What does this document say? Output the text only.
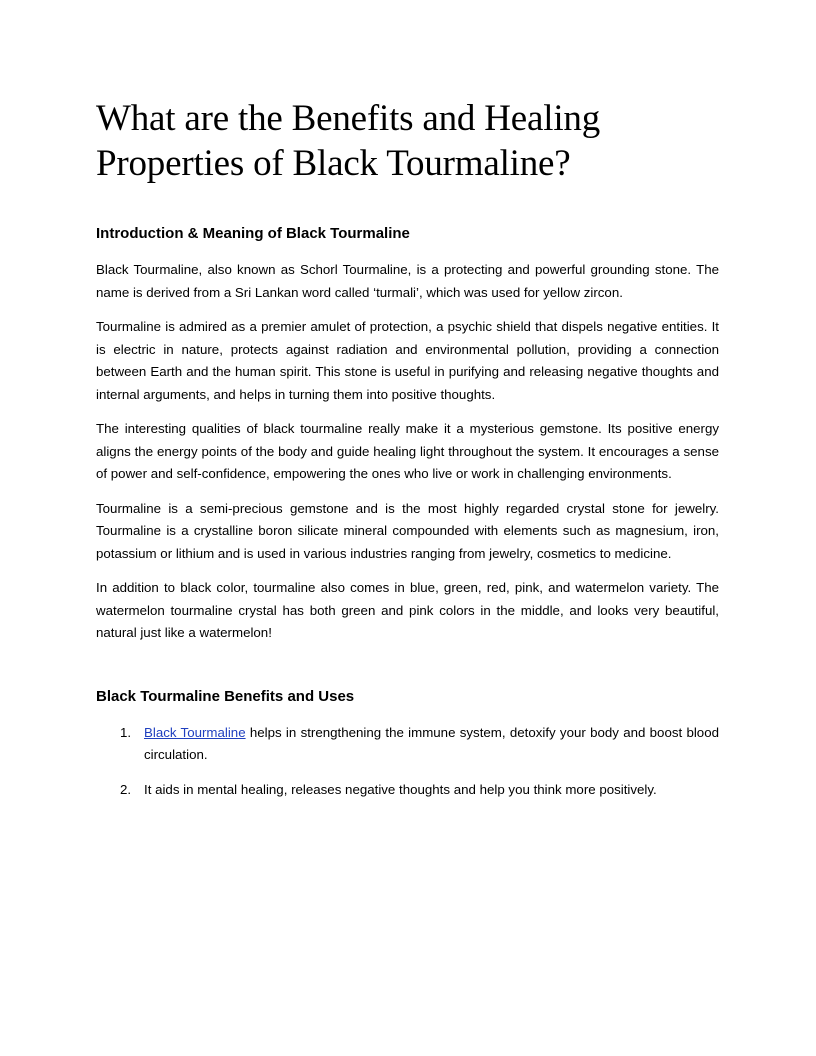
What are the Benefits and Healing Properties of Black Tourmaline?
Introduction & Meaning of Black Tourmaline

Black Tourmaline, also known as Schorl Tourmaline, is a protecting and powerful grounding stone. The name is derived from a Sri Lankan word called ‘turmali’, which was used for yellow zircon.

Tourmaline is admired as a premier amulet of protection, a psychic shield that dispels negative entities. It is electric in nature, protects against radiation and environmental pollution, providing a connection between Earth and the human spirit. This stone is useful in purifying and releasing negative thoughts and internal arguments, and helps in turning them into positive thoughts.

The interesting qualities of black tourmaline really make it a mysterious gemstone. Its positive energy aligns the energy points of the body and guide healing light throughout the system. It encourages a sense of power and self-confidence, empowering the ones who live or work in challenging environments.

Tourmaline is a semi-precious gemstone and is the most highly regarded crystal stone for jewelry. Tourmaline is a crystalline boron silicate mineral compounded with elements such as magnesium, iron, potassium or lithium and is used in various industries ranging from jewelry, cosmetics to medicine.

In addition to black color, tourmaline also comes in blue, green, red, pink, and watermelon variety. The watermelon tourmaline crystal has both green and pink colors in the middle, and looks very beautiful, natural just like a watermelon!

Black Tourmaline Benefits and Uses
1. Black Tourmaline helps in strengthening the immune system, detoxify your body and boost blood circulation.
2. It aids in mental healing, releases negative thoughts and help you think more positively.
